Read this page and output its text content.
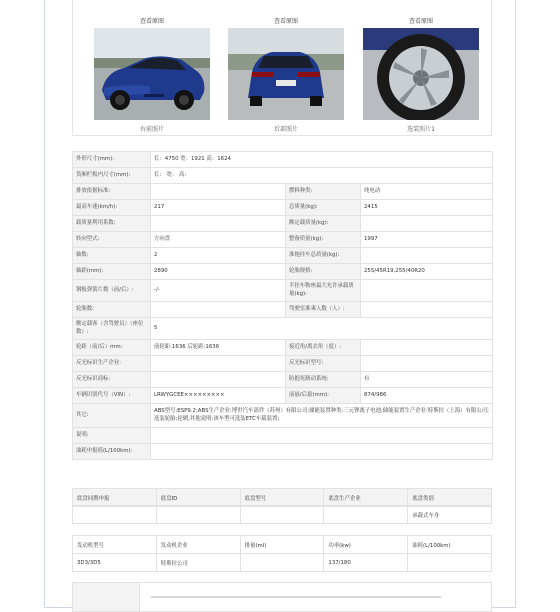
查看原图
右前照片
查看原图
后部照片
查看原图
选装照片1
外形尺寸(mm):	长：4750 宽：1921 高：1624		
货厢栏板内尺寸(mm):	长： 宽： 高：		
排放依据标准:		燃料种类:	纯电动
最高车速(km/h):	217	总质量(kg):	2415
载质量利用系数:		额定载质量(kg):	
转向型式:	方向盘	整备质量(kg):	1997
轴数:	2	准拖挂车总质量(kg):	
轴距(mm):	2890	轮胎规格:	255/45R19,255/40R20
钢板弹簧片数（前/后）:	-/-	半挂车鞍座最大允许承载质量(kg):	
轮胎数:		驾驶室准乘人数（人）:	
额定载客（含驾驶员）（座位数）:	5		
轮距（前/后）mm:	前轮距:1636 后轮距:1636	接近角/离去角（度）:	
反光标识生产企业:		反光标识型号:	
反光标识商标:		防抱死制动系统:	有
车辆识别代号（VIN）:	LRWYGCEE×××××××××	前悬/后悬(mm):	874/986
其它:	ABS型号:ESP9.2;ABS生产企业:博世汽车部件（苏州）有限公司;储能装置种类:三元锂离子电池;储能装置生产企业:特斯拉（上海）有限公司;选装轮胎;轮辋;其他说明:该车型可选装ETC车载装置;		
说明:			
油耗申报值(L/100km):			
底盘同期申报	底盘ID	底盘型号	底盘生产企业	底盘类别
				承载式车身
发动机型号	发动机企业	排量(ml)	功率(kw)	油耗(L/100km)
3D3/3D5	特斯拉公司		137/180	
